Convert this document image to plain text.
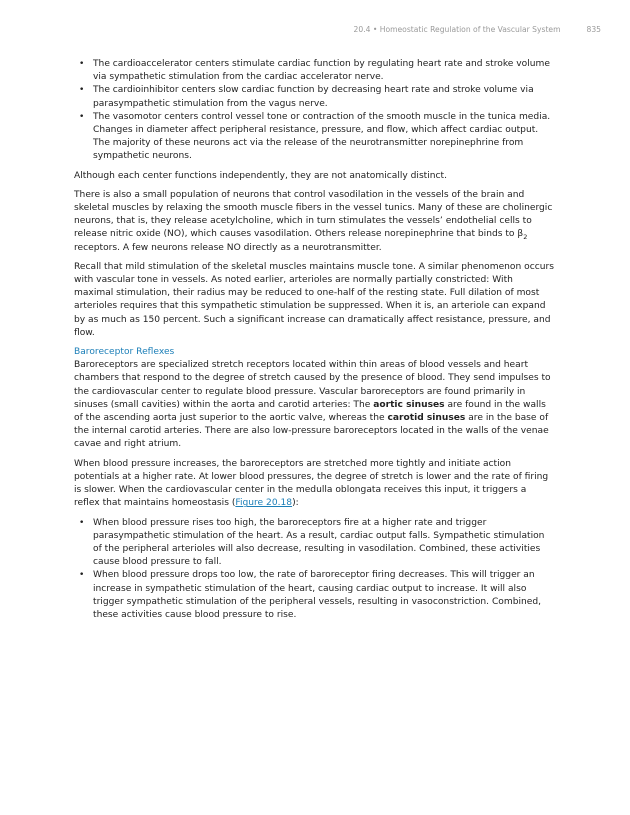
20.4 • Homeostatic Regulation of the Vascular System	835
• The cardioaccelerator centers stimulate cardiac function by regulating heart rate and stroke volume via sympathetic stimulation from the cardiac accelerator nerve.
• The cardioinhibitor centers slow cardiac function by decreasing heart rate and stroke volume via parasympathetic stimulation from the vagus nerve.
• The vasomotor centers control vessel tone or contraction of the smooth muscle in the tunica media. Changes in diameter affect peripheral resistance, pressure, and flow, which affect cardiac output. The majority of these neurons act via the release of the neurotransmitter norepinephrine from sympathetic neurons.

Although each center functions independently, they are not anatomically distinct.

There is also a small population of neurons that control vasodilation in the vessels of the brain and skeletal muscles by relaxing the smooth muscle fibers in the vessel tunics. Many of these are cholinergic neurons, that is, they release acetylcholine, which in turn stimulates the vessels’ endothelial cells to release nitric oxide (NO), which causes vasodilation. Others release norepinephrine that binds to $\beta_2$ receptors. A few neurons release NO directly as a neurotransmitter.

Recall that mild stimulation of the skeletal muscles maintains muscle tone. A similar phenomenon occurs with vascular tone in vessels. As noted earlier, arterioles are normally partially constricted: With maximal stimulation, their radius may be reduced to one-half of the resting state. Full dilation of most arterioles requires that this sympathetic stimulation be suppressed. When it is, an arteriole can expand by as much as 150 percent. Such a significant increase can dramatically affect resistance, pressure, and flow.

Baroreceptor Reflexes

Baroreceptors are specialized stretch receptors located within thin areas of blood vessels and heart chambers that respond to the degree of stretch caused by the presence of blood. They send impulses to the cardiovascular center to regulate blood pressure. Vascular baroreceptors are found primarily in sinuses (small cavities) within the aorta and carotid arteries: The aortic sinuses are found in the walls of the ascending aorta just superior to the aortic valve, whereas the carotid sinuses are in the base of the internal carotid arteries. There are also low-pressure baroreceptors located in the walls of the venae cavae and right atrium.

When blood pressure increases, the baroreceptors are stretched more tightly and initiate action potentials at a higher rate. At lower blood pressures, the degree of stretch is lower and the rate of firing is slower. When the cardiovascular center in the medulla oblongata receives this input, it triggers a reflex that maintains homeostasis (Figure 20.18):

• When blood pressure rises too high, the baroreceptors fire at a higher rate and trigger parasympathetic stimulation of the heart. As a result, cardiac output falls. Sympathetic stimulation of the peripheral arterioles will also decrease, resulting in vasodilation. Combined, these activities cause blood pressure to fall.
• When blood pressure drops too low, the rate of baroreceptor firing decreases. This will trigger an increase in sympathetic stimulation of the heart, causing cardiac output to increase. It will also trigger sympathetic stimulation of the peripheral vessels, resulting in vasoconstriction. Combined, these activities cause blood pressure to rise.
